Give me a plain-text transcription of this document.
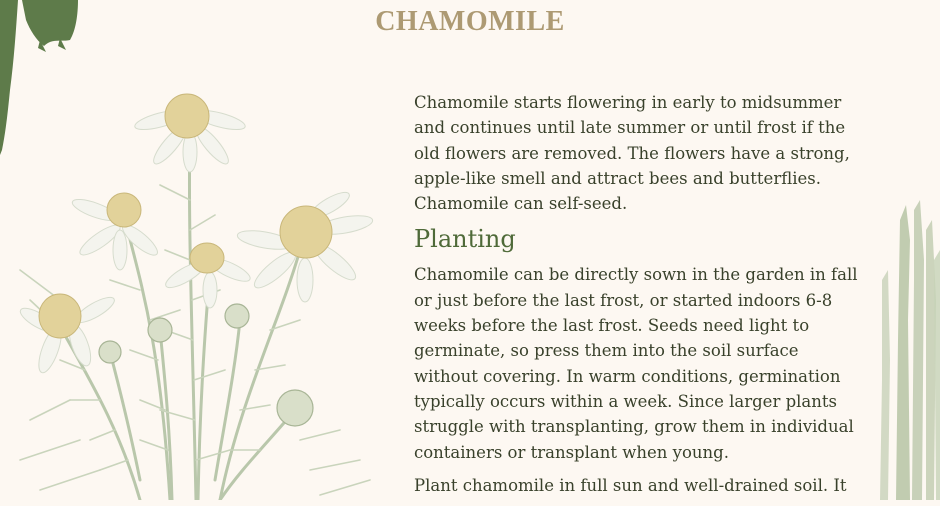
CHAMOMILE

Chamomile starts flowering in early to midsummer and continues until late summer or until frost if the old flowers are removed. The flowers have a strong, apple-like smell and attract bees and butterflies. Chamomile can self-seed.

Planting

Chamomile can be directly sown in the garden in fall or just before the last frost, or started indoors 6-8 weeks before the last frost. Seeds need light to germinate, so press them into the soil surface without covering. In warm conditions, germination typically occurs within a week. Since larger plants struggle with transplanting, grow them in individual containers or transplant when young.

Plant chamomile in full sun and well-drained soil. It
